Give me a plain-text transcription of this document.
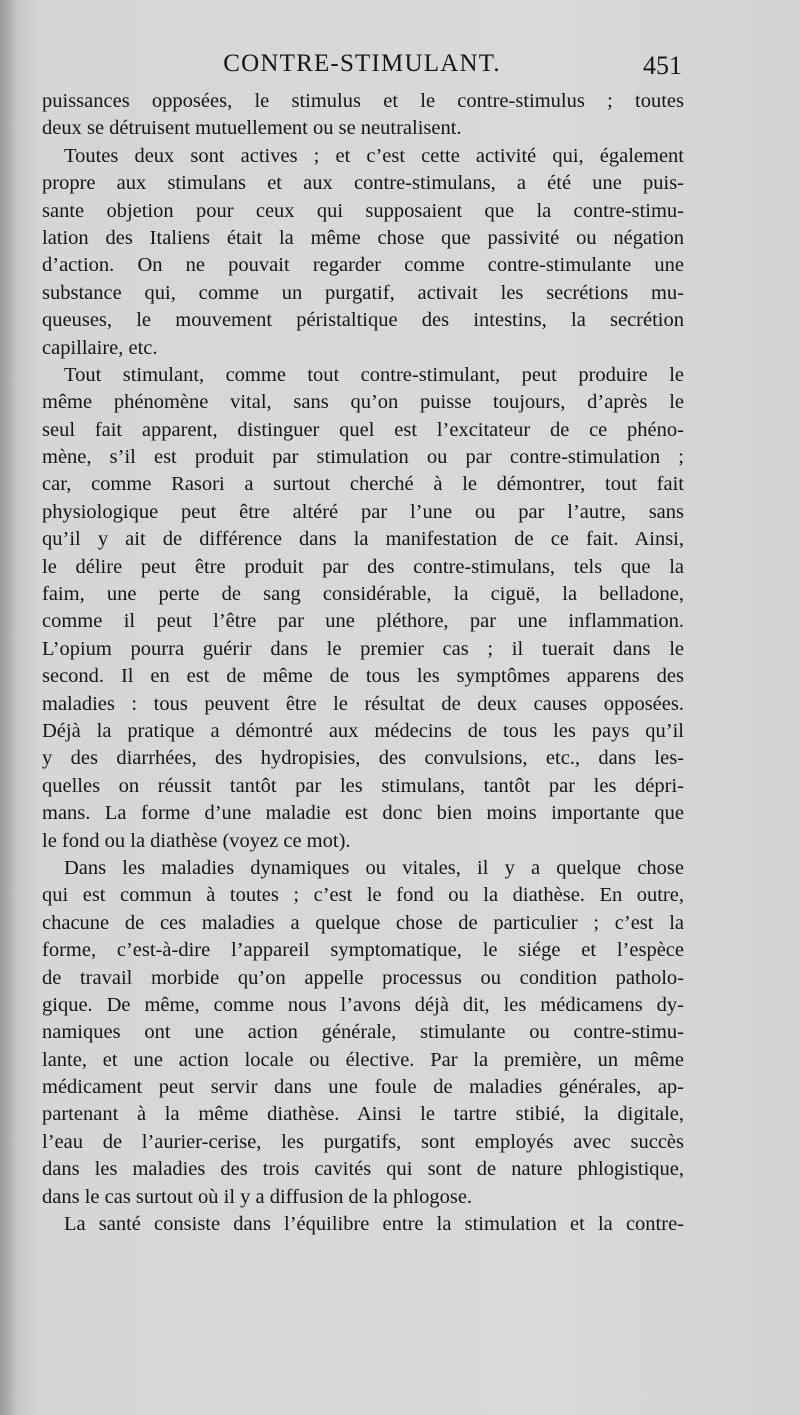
CONTRE-STIMULANT.	451
puissances opposées, le stimulus et le contre-stimulus ; toutes
deux se détruisent mutuellement ou se neutralisent.
Toutes deux sont actives ; et c’est cette activité qui, également
propre aux stimulans et aux contre-stimulans, a été une puis-
sante objetion pour ceux qui supposaient que la contre-stimu-
lation des Italiens était la même chose que passivité ou négation
d’action. On ne pouvait regarder comme contre-stimulante une
substance qui, comme un purgatif, activait les secrétions mu-
queuses, le mouvement péristaltique des intestins, la secrétion
capillaire, etc.
Tout stimulant, comme tout contre-stimulant, peut produire le
même phénomène vital, sans qu’on puisse toujours, d’après le
seul fait apparent, distinguer quel est l’excitateur de ce phéno-
mène, s’il est produit par stimulation ou par contre-stimulation ;
car, comme Rasori a surtout cherché à le démontrer, tout fait
physiologique peut être altéré par l’une ou par l’autre, sans
qu’il y ait de différence dans la manifestation de ce fait. Ainsi,
le délire peut être produit par des contre-stimulans, tels que la
faim, une perte de sang considérable, la ciguë, la belladone,
comme il peut l’être par une pléthore, par une inflammation.
L’opium pourra guérir dans le premier cas ; il tuerait dans le
second. Il en est de même de tous les symptômes apparens des
maladies : tous peuvent être le résultat de deux causes opposées.
Déjà la pratique a démontré aux médecins de tous les pays qu’il
y des diarrhées, des hydropisies, des convulsions, etc., dans les-
quelles on réussit tantôt par les stimulans, tantôt par les dépri-
mans. La forme d’une maladie est donc bien moins importante que
le fond ou la diathèse (voyez ce mot).
Dans les maladies dynamiques ou vitales, il y a quelque chose
qui est commun à toutes ; c’est le fond ou la diathèse. En outre,
chacune de ces maladies a quelque chose de particulier ; c’est la
forme, c’est-à-dire l’appareil symptomatique, le siége et l’espèce
de travail morbide qu’on appelle processus ou condition patholo-
gique. De même, comme nous l’avons déjà dit, les médicamens dy-
namiques ont une action générale, stimulante ou contre-stimu-
lante, et une action locale ou élective. Par la première, un même
médicament peut servir dans une foule de maladies générales, ap-
partenant à la même diathèse. Ainsi le tartre stibié, la digitale,
l’eau de l’aurier-cerise, les purgatifs, sont employés avec succès
dans les maladies des trois cavités qui sont de nature phlogistique,
dans le cas surtout où il y a diffusion de la phlogose.
La santé consiste dans l’équilibre entre la stimulation et la contre-
